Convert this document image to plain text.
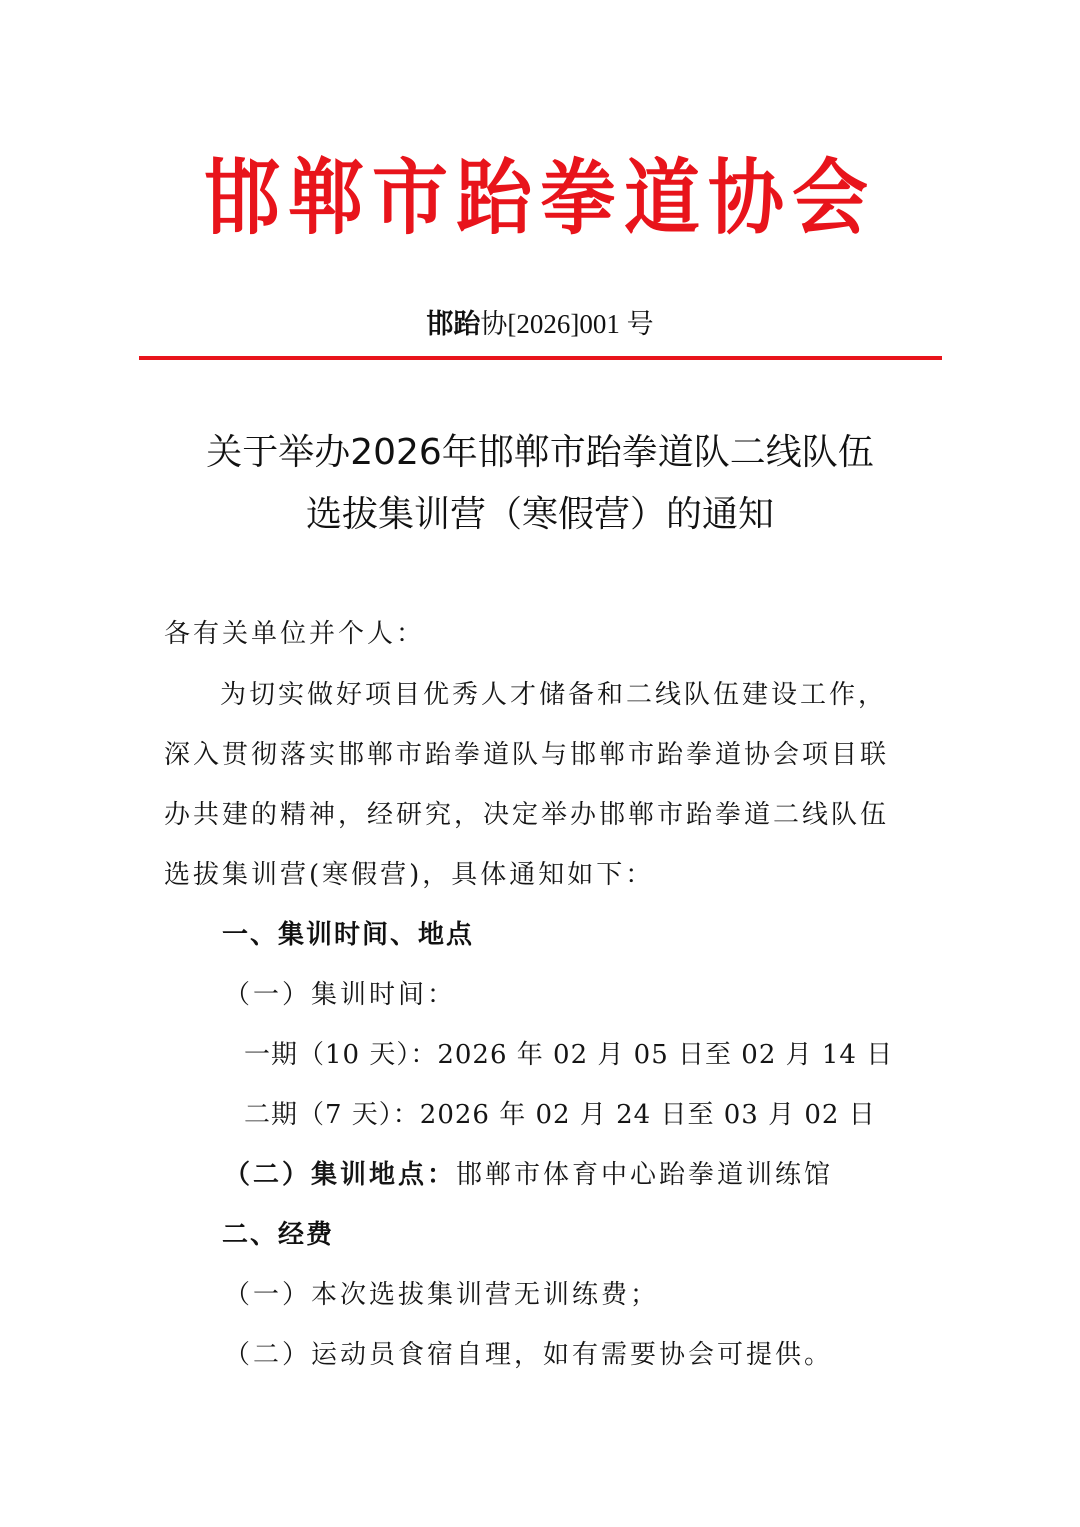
邯郸市跆拳道协会
邯跆协[2026]001 号
关于举办2026年邯郸市跆拳道队二线队伍
选拔集训营（寒假营）的通知
各有关单位并个人：
为切实做好项目优秀人才储备和二线队伍建设工作，
深入贯彻落实邯郸市跆拳道队与邯郸市跆拳道协会项目联
办共建的精神，经研究，决定举办邯郸市跆拳道二线队伍
选拔集训营(寒假营)，具体通知如下：
一、集训时间、地点
（一）集训时间：
一期（10 天）：2026 年 02 月 05 日至 02 月 14 日
二期（7 天）：2026 年 02 月 24 日至 03 月 02 日
（二）集训地点：邯郸市体育中心跆拳道训练馆
二、经费
（一）本次选拔集训营无训练费；
（二）运动员食宿自理，如有需要协会可提供。
